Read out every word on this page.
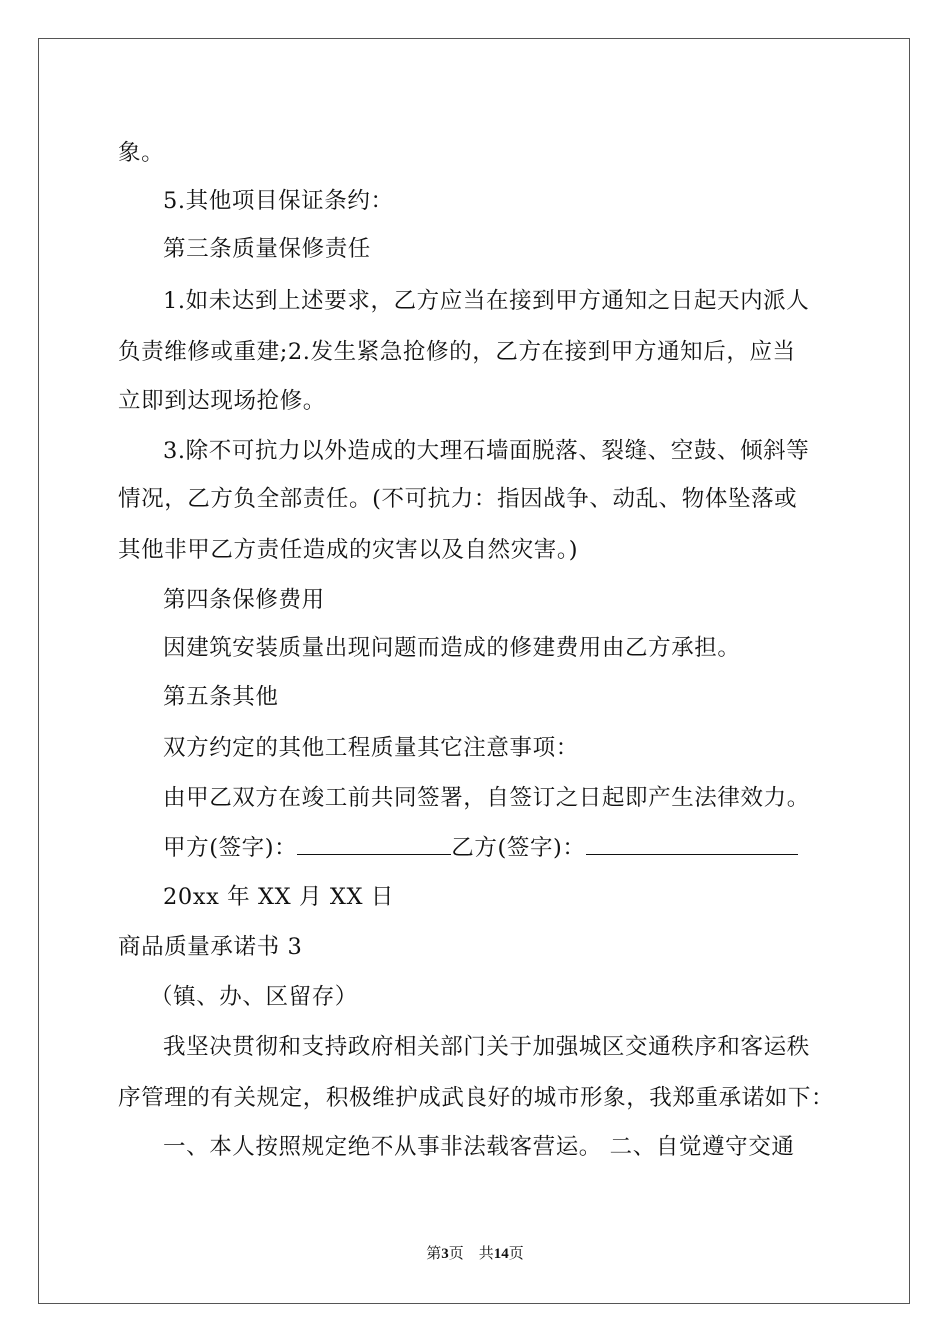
象。
5.其他项目保证条约：
第三条质量保修责任
1.如未达到上述要求，乙方应当在接到甲方通知之日起天内派人
负责维修或重建;2.发生紧急抢修的，乙方在接到甲方通知后，应当
立即到达现场抢修。
3.除不可抗力以外造成的大理石墙面脱落、裂缝、空鼓、倾斜等
情况，乙方负全部责任。(不可抗力：指因战争、动乱、物体坠落或
其他非甲乙方责任造成的灾害以及自然灾害。)
第四条保修费用
因建筑安装质量出现问题而造成的修建费用由乙方承担。
第五条其他
双方约定的其他工程质量其它注意事项：
由甲乙双方在竣工前共同签署，自签订之日起即产生法律效力。
甲方(签字)：	乙方(签字)：
20xx 年 XX 月 XX 日
商品质量承诺书 3
（镇、办、区留存）
我坚决贯彻和支持政府相关部门关于加强城区交通秩序和客运秩
序管理的有关规定，积极维护成武良好的城市形象，我郑重承诺如下：
一、本人按照规定绝不从事非法载客营运。 二、自觉遵守交通
第3页　共14页
